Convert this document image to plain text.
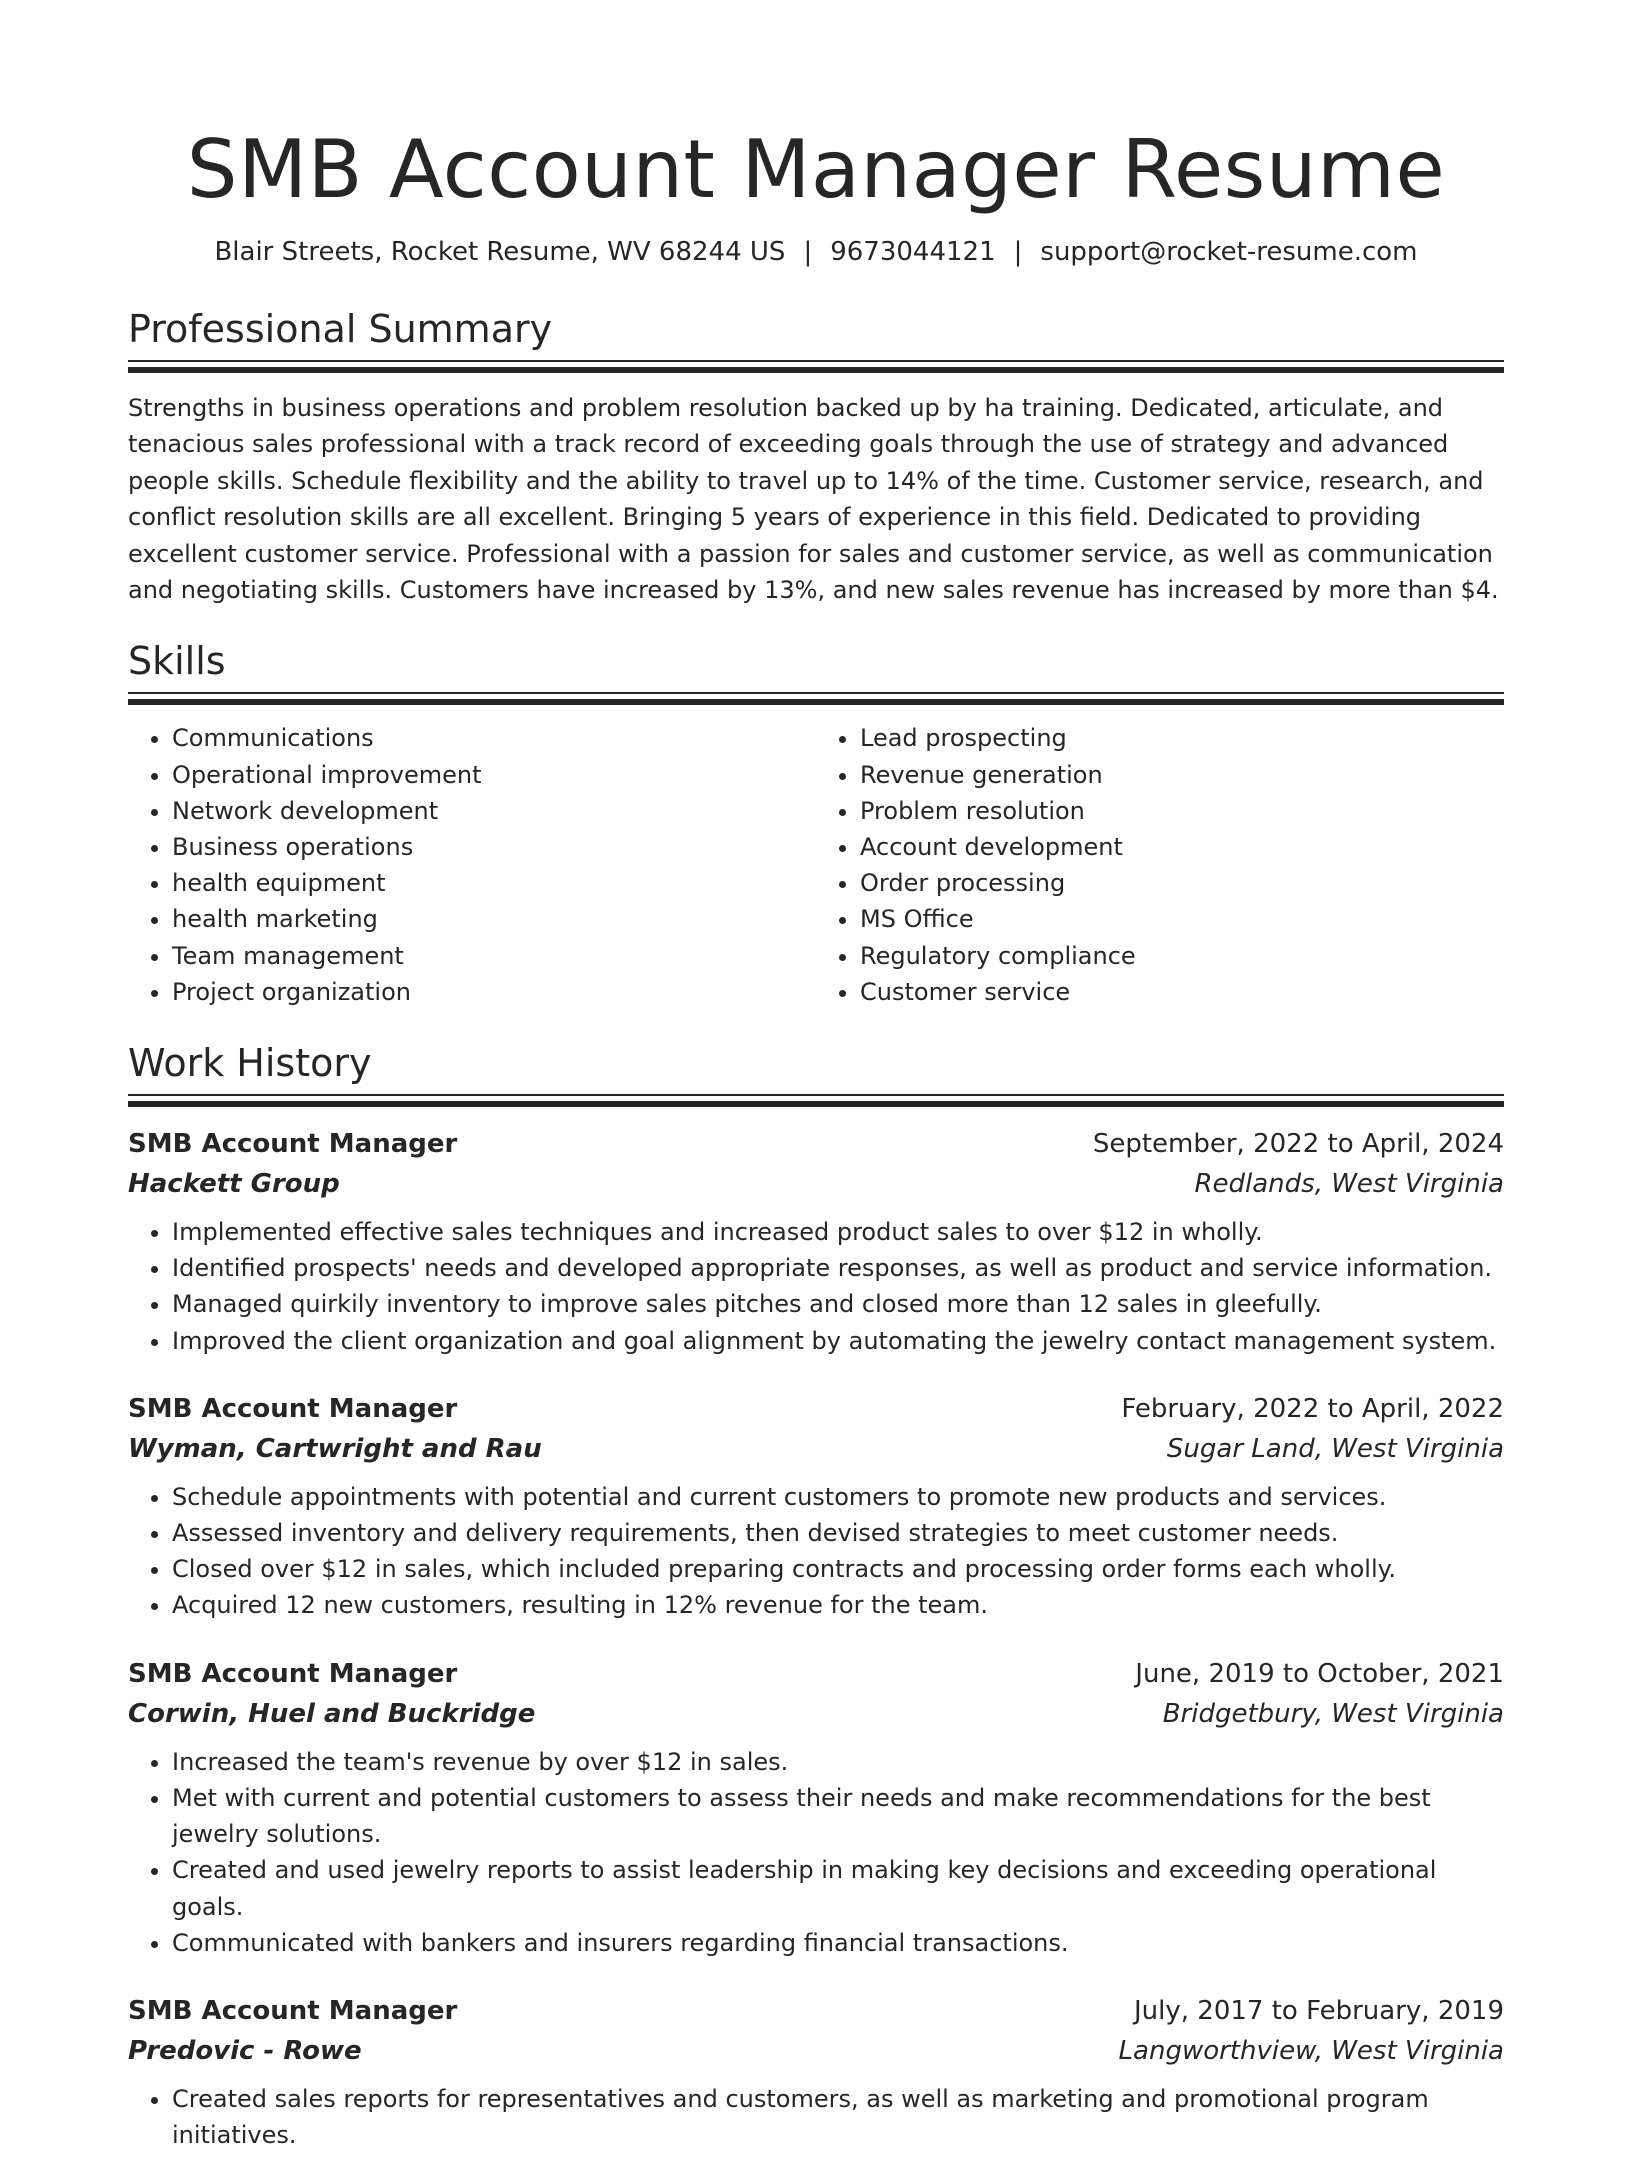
SMB Account Manager Resume
Blair Streets, Rocket Resume, WV 68244 US | 9673044121 | support@rocket-resume.com
Professional Summary

Strengths in business operations and problem resolution backed up by ha training. Dedicated, articulate, and tenacious sales professional with a track record of exceeding goals through the use of strategy and advanced people skills. Schedule flexibility and the ability to travel up to 14% of the time. Customer service, research, and conflict resolution skills are all excellent. Bringing 5 years of experience in this field. Dedicated to providing excellent customer service. Professional with a passion for sales and customer service, as well as communication and negotiating skills. Customers have increased by 13%, and new sales revenue has increased by more than $4.

Skills
• Communications
• Operational improvement
• Network development
• Business operations
• health equipment
• health marketing
• Team management
• Project organization
• Lead prospecting
• Revenue generation
• Problem resolution
• Account development
• Order processing
• MS Office
• Regulatory compliance
• Customer service
Work History
SMB Account Manager	September, 2022 to April, 2024
Hackett Group	Redlands, West Virginia
• Implemented effective sales techniques and increased product sales to over $12 in wholly.
• Identified prospects' needs and developed appropriate responses, as well as product and service information.
• Managed quirkily inventory to improve sales pitches and closed more than 12 sales in gleefully.
• Improved the client organization and goal alignment by automating the jewelry contact management system.
SMB Account Manager	February, 2022 to April, 2022
Wyman, Cartwright and Rau	Sugar Land, West Virginia
• Schedule appointments with potential and current customers to promote new products and services.
• Assessed inventory and delivery requirements, then devised strategies to meet customer needs.
• Closed over $12 in sales, which included preparing contracts and processing order forms each wholly.
• Acquired 12 new customers, resulting in 12% revenue for the team.
SMB Account Manager	June, 2019 to October, 2021
Corwin, Huel and Buckridge	Bridgetbury, West Virginia
• Increased the team's revenue by over $12 in sales.
• Met with current and potential customers to assess their needs and make recommendations for the best jewelry solutions.
• Created and used jewelry reports to assist leadership in making key decisions and exceeding operational goals.
• Communicated with bankers and insurers regarding financial transactions.
SMB Account Manager	July, 2017 to February, 2019
Predovic - Rowe	Langworthview, West Virginia
• Created sales reports for representatives and customers, as well as marketing and promotional program initiatives.
